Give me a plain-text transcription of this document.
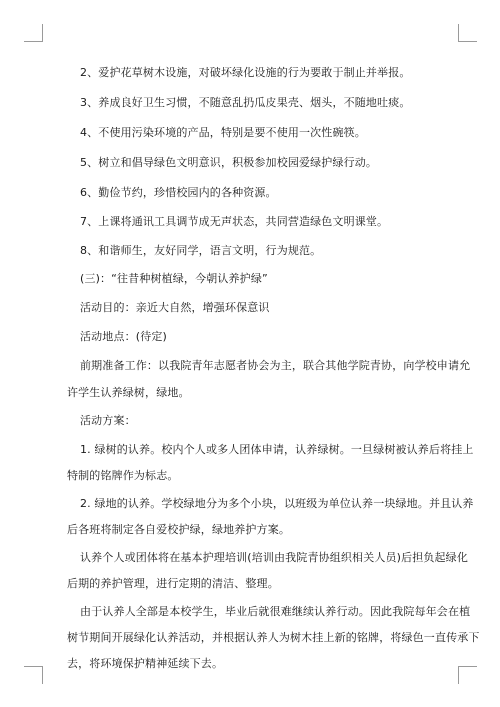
2、爱护花草树木设施，对破坏绿化设施的行为要敢于制止并举报。
3、养成良好卫生习惯，不随意乱扔瓜皮果壳、烟头，不随地吐痰。
4、不使用污染环境的产品，特别是要不使用一次性碗筷。
5、树立和倡导绿色文明意识，积极参加校园爱绿护绿行动。
6、勤俭节约，珍惜校园内的各种资源。
7、上课将通讯工具调节成无声状态，共同营造绿色文明课堂。
8、和谐师生，友好同学，语言文明，行为规范。
(三)：“往昔种树植绿，今朝认养护绿”
活动目的：亲近大自然，增强环保意识
活动地点：(待定)
前期准备工作：以我院青年志愿者协会为主，联合其他学院青协，向学校申请允
许学生认养绿树，绿地。
活动方案：
1. 绿树的认养。校内个人或多人团体申请，认养绿树。一旦绿树被认养后将挂上
特制的铭牌作为标志。
2. 绿地的认养。学校绿地分为多个小块，以班级为单位认养一块绿地。并且认养
后各班将制定各自爱校护绿，绿地养护方案。
认养个人或团体将在基本护理培训(培训由我院青协组织相关人员)后担负起绿化
后期的养护管理，进行定期的清洁、整理。
由于认养人全部是本校学生，毕业后就很难继续认养行动。因此我院每年会在植
树节期间开展绿化认养活动，并根据认养人为树木挂上新的铭牌，将绿色一直传承下
去，将环境保护精神延续下去。
